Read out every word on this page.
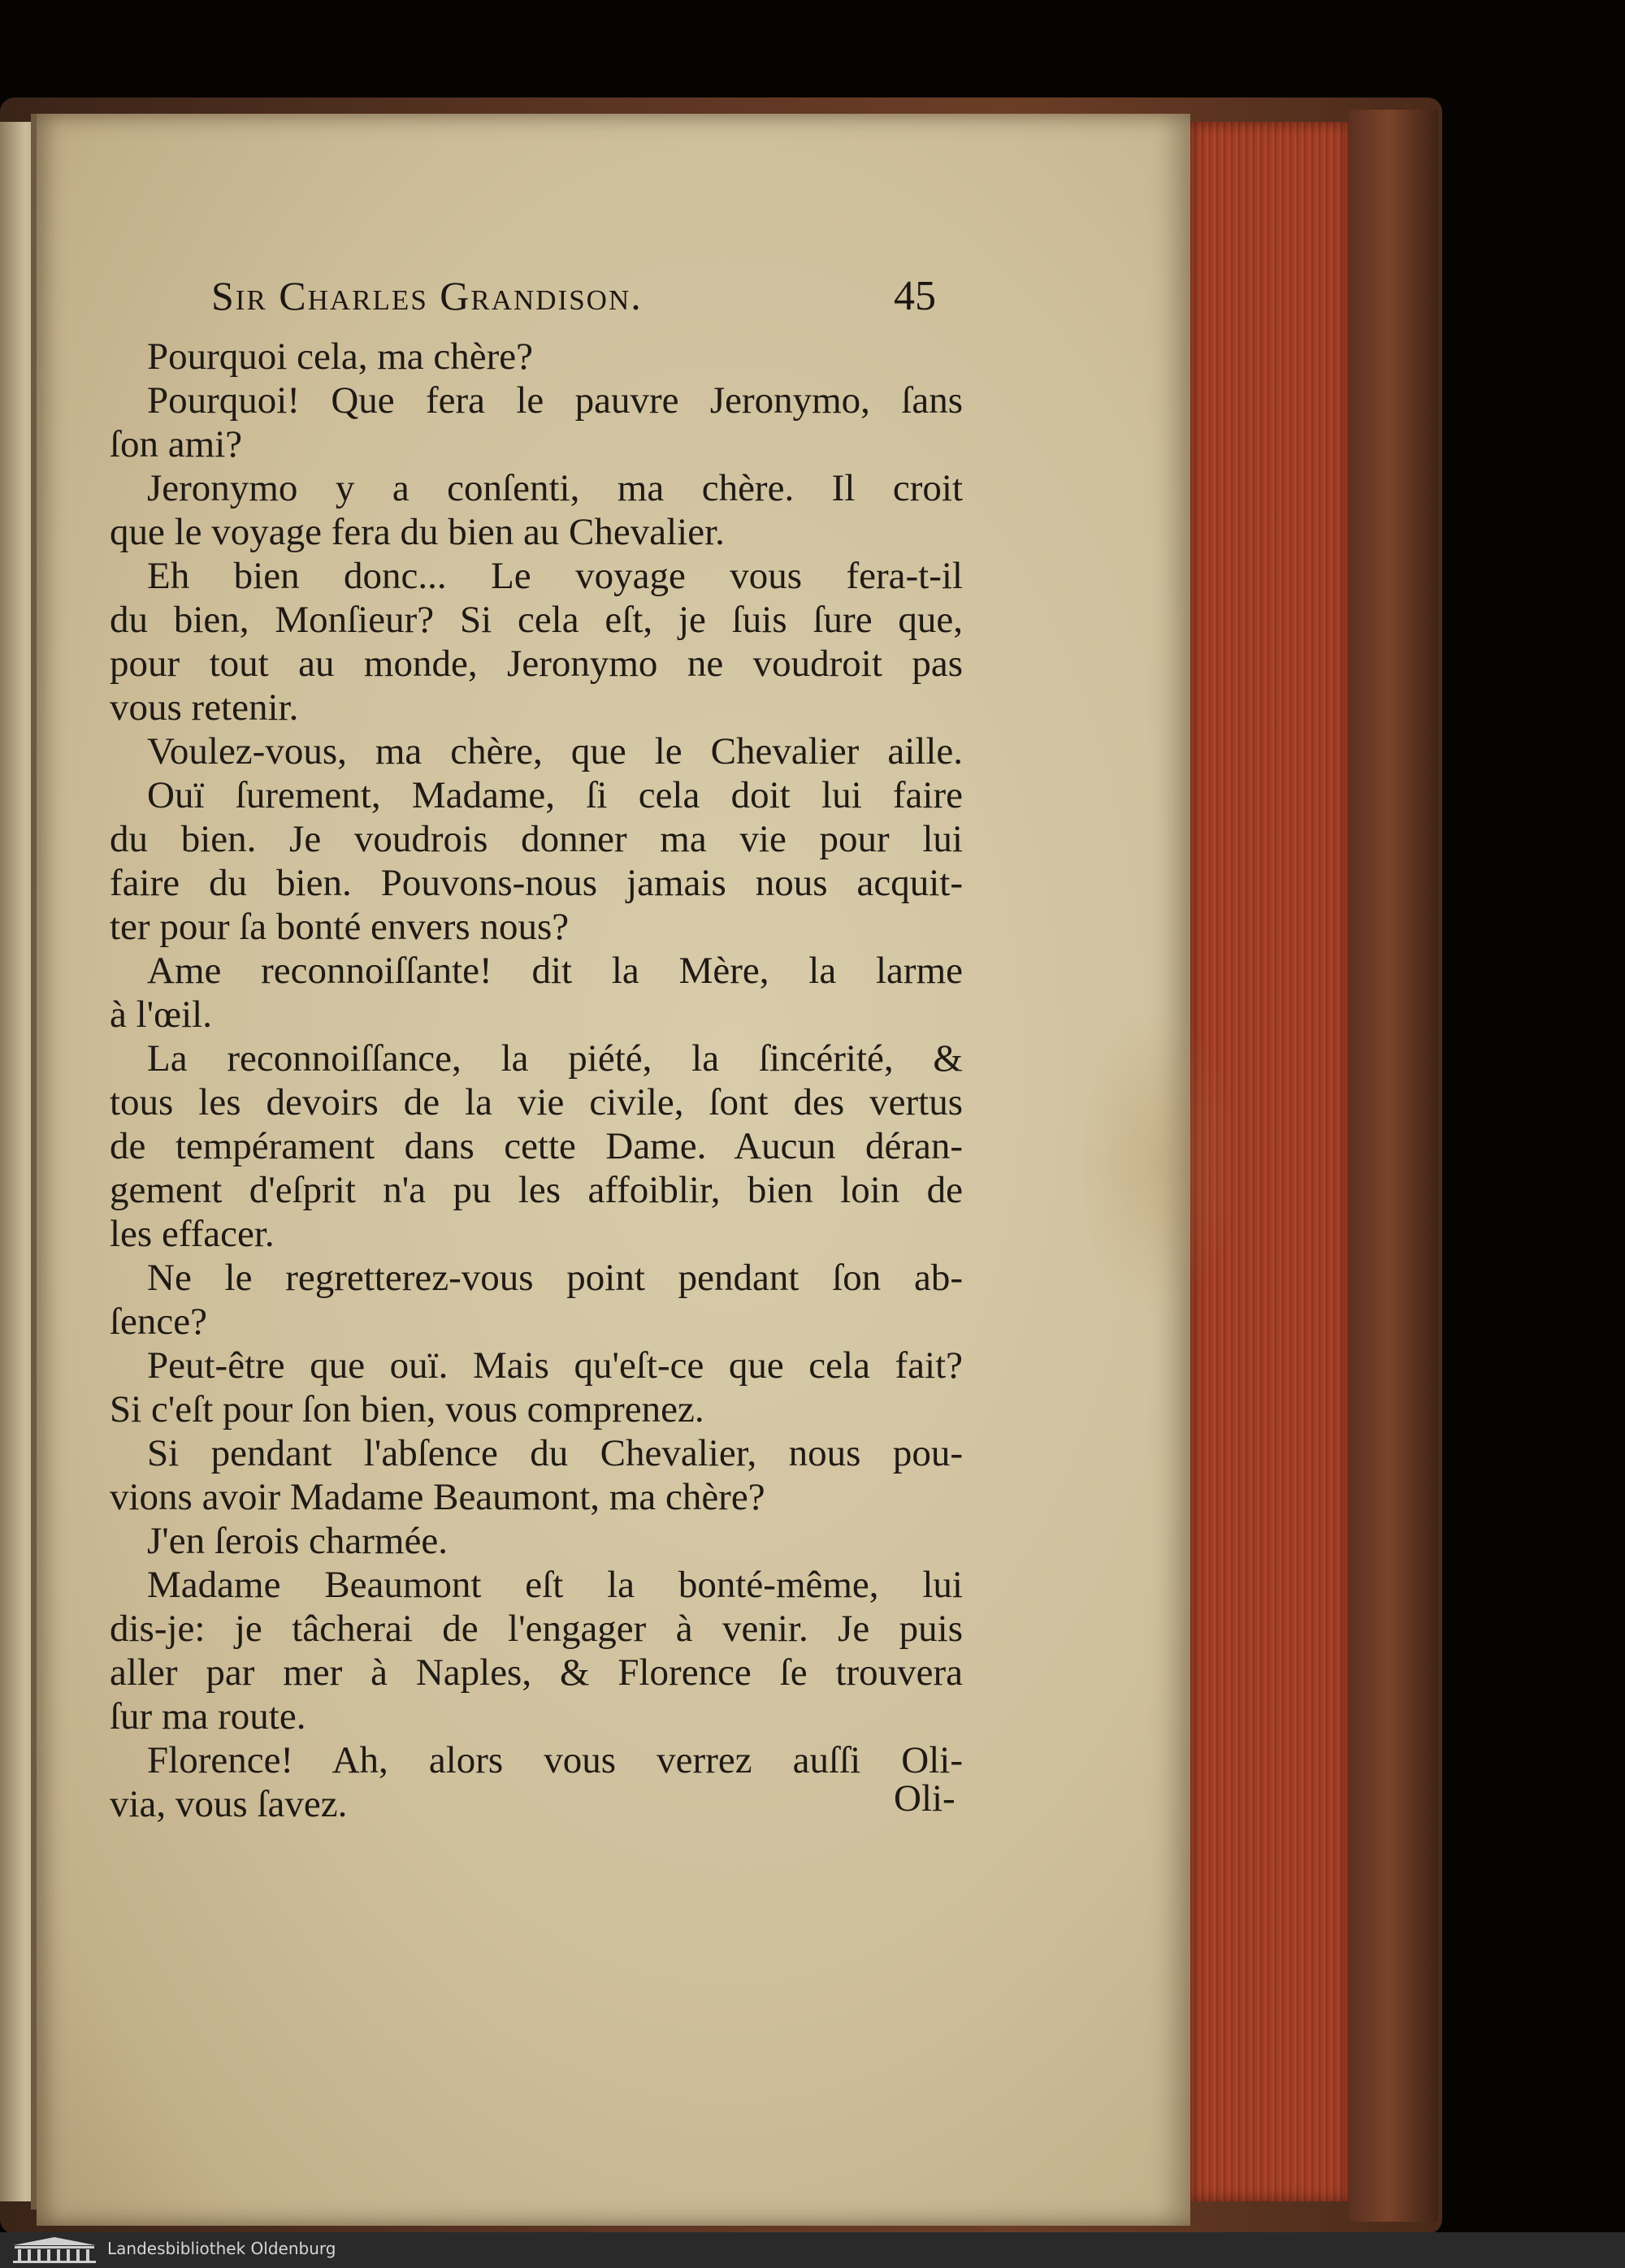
Sir Charles Grandison.	45
Pourquoi cela, ma chère?
Pourquoi! Que fera le pauvre Jeronymo, ſans
ſon ami?
Jeronymo y a conſenti, ma chère. Il croit
que le voyage fera du bien au Chevalier.
Eh bien donc... Le voyage vous fera-t-il
du bien, Monſieur? Si cela eſt, je ſuis ſure que,
pour tout au monde, Jeronymo ne voudroit pas
vous retenir.
Voulez-vous, ma chère, que le Chevalier aille.
Ouï ſurement, Madame, ſi cela doit lui faire
du bien. Je voudrois donner ma vie pour lui
faire du bien. Pouvons-nous jamais nous acquit-
ter pour ſa bonté envers nous?
Ame reconnoiſſante! dit la Mère, la larme
à l'œil.
La reconnoiſſance, la piété, la ſincérité, &
tous les devoirs de la vie civile, ſont des vertus
de tempérament dans cette Dame. Aucun déran-
gement d'eſprit n'a pu les affoiblir, bien loin de
les effacer.
Ne le regretterez-vous point pendant ſon ab-
ſence?
Peut-être que ouï. Mais qu'eſt-ce que cela fait?
Si c'eſt pour ſon bien, vous comprenez.
Si pendant l'abſence du Chevalier, nous pou-
vions avoir Madame Beaumont, ma chère?
J'en ſerois charmée.
Madame Beaumont eſt la bonté-même, lui
dis-je: je tâcherai de l'engager à venir. Je puis
aller par mer à Naples, & Florence ſe trouvera
ſur ma route.
Florence! Ah, alors vous verrez auſſi Oli-
via, vous ſavez.	Oli-
Landesbibliothek Oldenburg
